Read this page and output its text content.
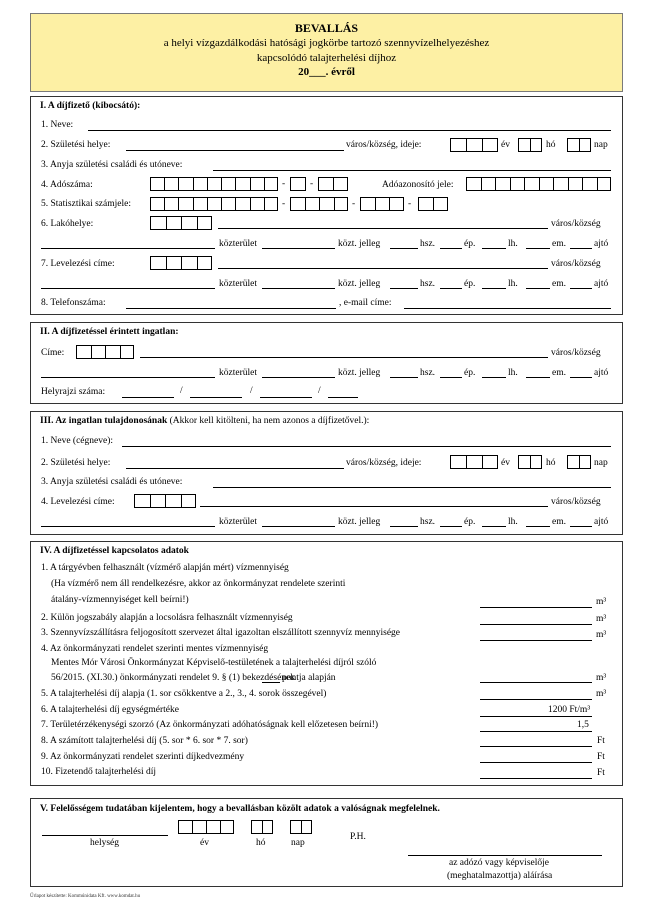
BEVALLÁS
a helyi vízgazdálkodási hatósági jogkörbe tartozó szennyvízelhelyezéshez
kapcsolódó talajterhelési díjhoz
20___. évről
I. A díjfizető (kibocsátó):
1. Neve:
2. Születési helye:	város/község, ideje:	év	hó	nap
3. Anyja születési családi és utóneve:
4. Adószáma:	-	-	Adóazonosító jele:
5. Statisztikai számjele:	-	-	-
6. Lakóhelye:	város/község
közterület	közt. jelleg	hsz.	ép.	lh.	em.	ajtó
7. Levelezési címe:	város/község
közterület	közt. jelleg	hsz.	ép.	lh.	em.	ajtó
8. Telefonszáma:	, e-mail címe:
II. A díjfizetéssel érintett ingatlan:
Címe:	város/község
közterület	közt. jelleg	hsz.	ép.	lh.	em.	ajtó
Helyrajzi száma:	/	/	/
III. Az ingatlan tulajdonosának (Akkor kell kitölteni, ha nem azonos a díjfizetővel.):
1. Neve (cégneve):
2. Születési helye:	város/község, ideje:	év	hó	nap
3. Anyja születési családi és utóneve:
4. Levelezési címe:	város/község
közterület	közt. jelleg	hsz.	ép.	lh.	em.	ajtó
IV. A díjfizetéssel kapcsolatos adatok
1. A tárgyévben felhasznált (vízmérő alapján mért) vízmennyiség
(Ha vízmérő nem áll rendelkezésre, akkor az önkormányzat rendelete szerinti
átalány-vízmennyiséget kell beírni!)	m³
2. Külön jogszabály alapján a locsolásra felhasznált vízmennyiség	m³
3. Szennyvízszállításra feljogosított szervezet által igazoltan elszállított szennyvíz mennyisége	m³
4. Az önkormányzati rendelet szerinti mentes vízmennyiség
Mentes Mór Városi Önkormányzat Képviselő-testületének a talajterhelési díjról szóló
56/2015. (XI.30.) önkormányzati rendelet 9. § (1) bekezdésének
pontja alapján	m³
5. A talajterhelési díj alapja (1. sor csökkentve a 2., 3., 4. sorok összegével)	m³
6. A talajterhelési díj egységmértéke	1200 Ft/m³
7. Területérzékenységi szorzó (Az önkormányzati adóhatóságnak kell előzetesen beírni!)	1,5
8. A számított talajterhelési díj (5. sor * 6. sor * 7. sor)	Ft
9. Az önkormányzati rendelet szerinti díjkedvezmény	Ft
10. Fizetendő talajterhelési díj	Ft
V. Felelősségem tudatában kijelentem, hogy a bevallásban közölt adatok a valóságnak megfelelnek.
helység	év	hó	nap
P.H.
az adózó vagy képviselője
(meghatalmazottja) aláírása
Űrlapot készítette: Kommúnidata Kft. www.komdat.hu
